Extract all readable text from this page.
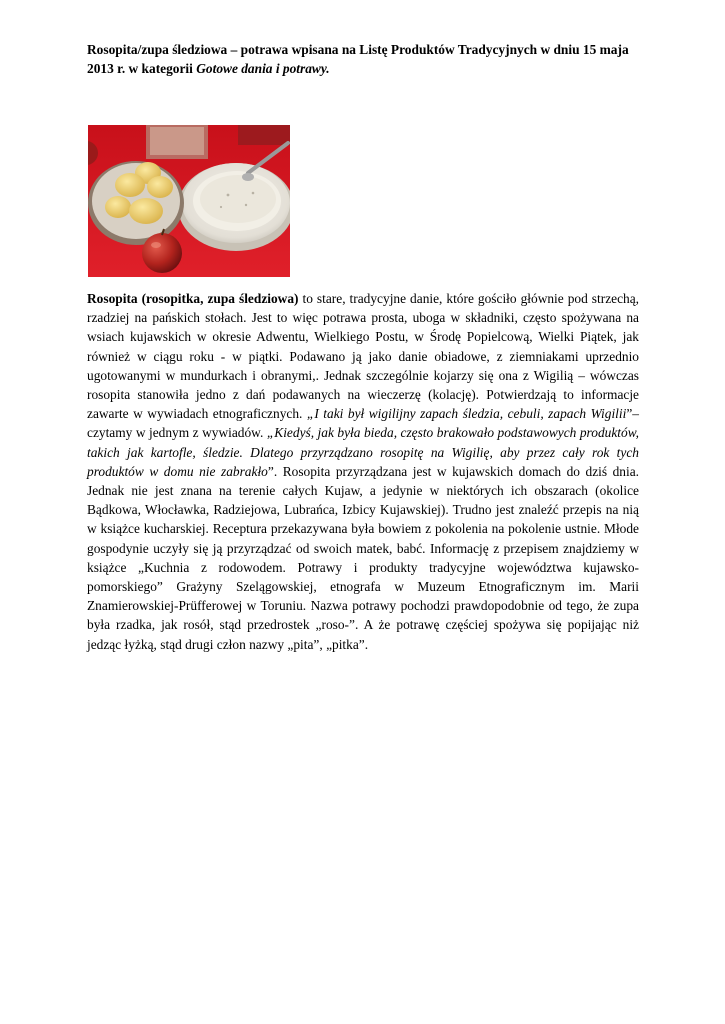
Rosopita/zupa śledziowa – potrawa wpisana na Listę Produktów Tradycyjnych w dniu 15 maja 2013 r. w kategorii Gotowe dania i potrawy.
Rosopita (rosopitka, zupa śledziowa) to stare, tradycyjne danie, które gościło głównie pod strzechą, rzadziej na pańskich stołach. Jest to więc potrawa prosta, uboga w składniki, często spożywana na wsiach kujawskich w okresie Adwentu, Wielkiego Postu, w Środę Popielcową, Wielki Piątek, jak również w ciągu roku - w piątki. Podawano ją jako danie obiadowe, z ziemniakami uprzednio ugotowanymi w mundurkach i obranymi,. Jednak szczególnie kojarzy się ona z Wigilią – wówczas rosopita stanowiła jedno z dań podawanych na wieczerzę (kolację). Potwierdzają to informacje zawarte w wywiadach etnograficznych. „I taki był wigilijny zapach śledzia, cebuli, zapach Wigilii”– czytamy w jednym z wywiadów. „Kiedyś, jak była bieda, często brakowało podstawowych produktów, takich jak kartofle, śledzie. Dlatego przyrządzano rosopitę na Wigilię, aby przez cały rok tych produktów w domu nie zabrakło”. Rosopita przyrządzana jest w kujawskich domach do dziś dnia. Jednak nie jest znana na terenie całych Kujaw, a jedynie w niektórych ich obszarach (okolice Bądkowa, Włocławka, Radziejowa, Lubrańca, Izbicy Kujawskiej). Trudno jest znaleźć przepis na nią w książce kucharskiej. Receptura przekazywana była bowiem z pokolenia na pokolenie ustnie. Młode gospodynie uczyły się ją przyrządzać od swoich matek, babć. Informację z przepisem znajdziemy w książce „Kuchnia z rodowodem. Potrawy i produkty tradycyjne województwa kujawsko-pomorskiego” Grażyny Szelągowskiej, etnografa w Muzeum Etnograficznym im. Marii Znamierowskiej-Prüfferowej w Toruniu. Nazwa potrawy pochodzi prawdopodobnie od tego, że zupa była rzadka, jak rosół, stąd przedrostek „roso-”. A że potrawę częściej spożywa się popijając niż jedząc łyżką, stąd drugi człon nazwy „pita”, „pitka”.
